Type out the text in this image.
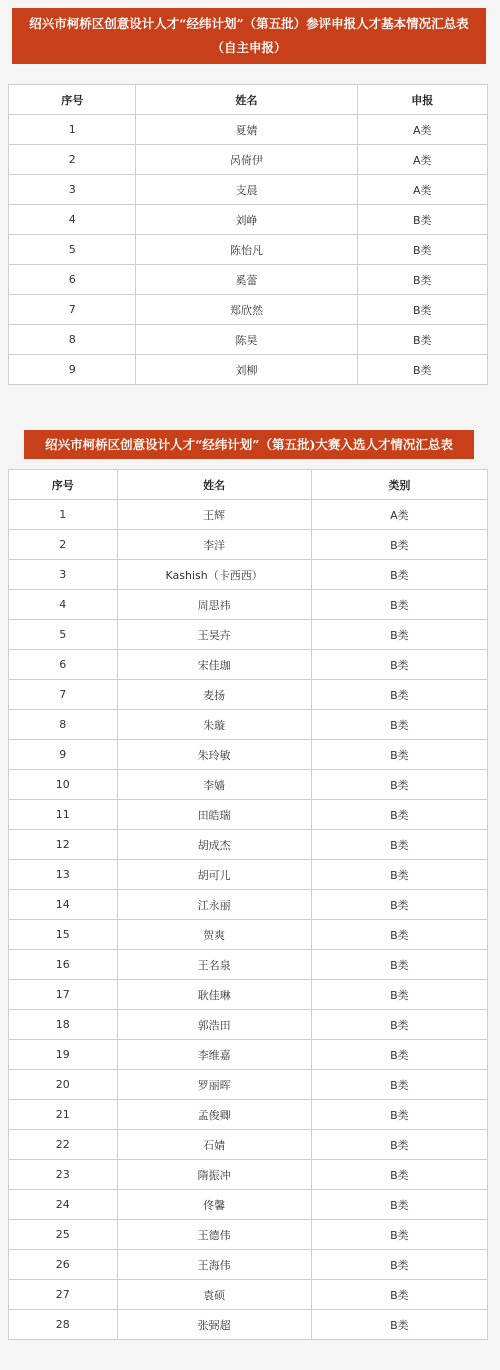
绍兴市柯桥区创意设计人才“经纬计划”（第五批）参评申报人才基本情况汇总表（自主申报）
序号	姓名	申报
1	夏婧	A类
2	呙倚伊	A类
3	支晨	A类
4	刘峥	B类
5	陈怡凡	B类
6	奚蕾	B类
7	郑欣然	B类
8	陈昊	B类
9	刘柳	B类
绍兴市柯桥区创意设计人才“经纬计划”（第五批)大赛入选人才情况汇总表
序号	姓名	类别
1	王辉	A类
2	李洋	B类
3	Kashish（卡西西）	B类
4	周思祎	B类
5	王昊卉	B类
6	宋佳珈	B类
7	麦扬	B类
8	朱璇	B类
9	朱玲敏	B类
10	李嫱	B类
11	田皓瑞	B类
12	胡成杰	B类
13	胡可儿	B类
14	江永丽	B类
15	贺爽	B类
16	王名泉	B类
17	耿佳琳	B类
18	郭浩田	B类
19	李维嘉	B类
20	罗丽晖	B类
21	孟俊卿	B类
22	石婧	B类
23	隋振冲	B类
24	佟馨	B类
25	王德伟	B类
26	王海伟	B类
27	袁硕	B类
28	张弼超	B类
